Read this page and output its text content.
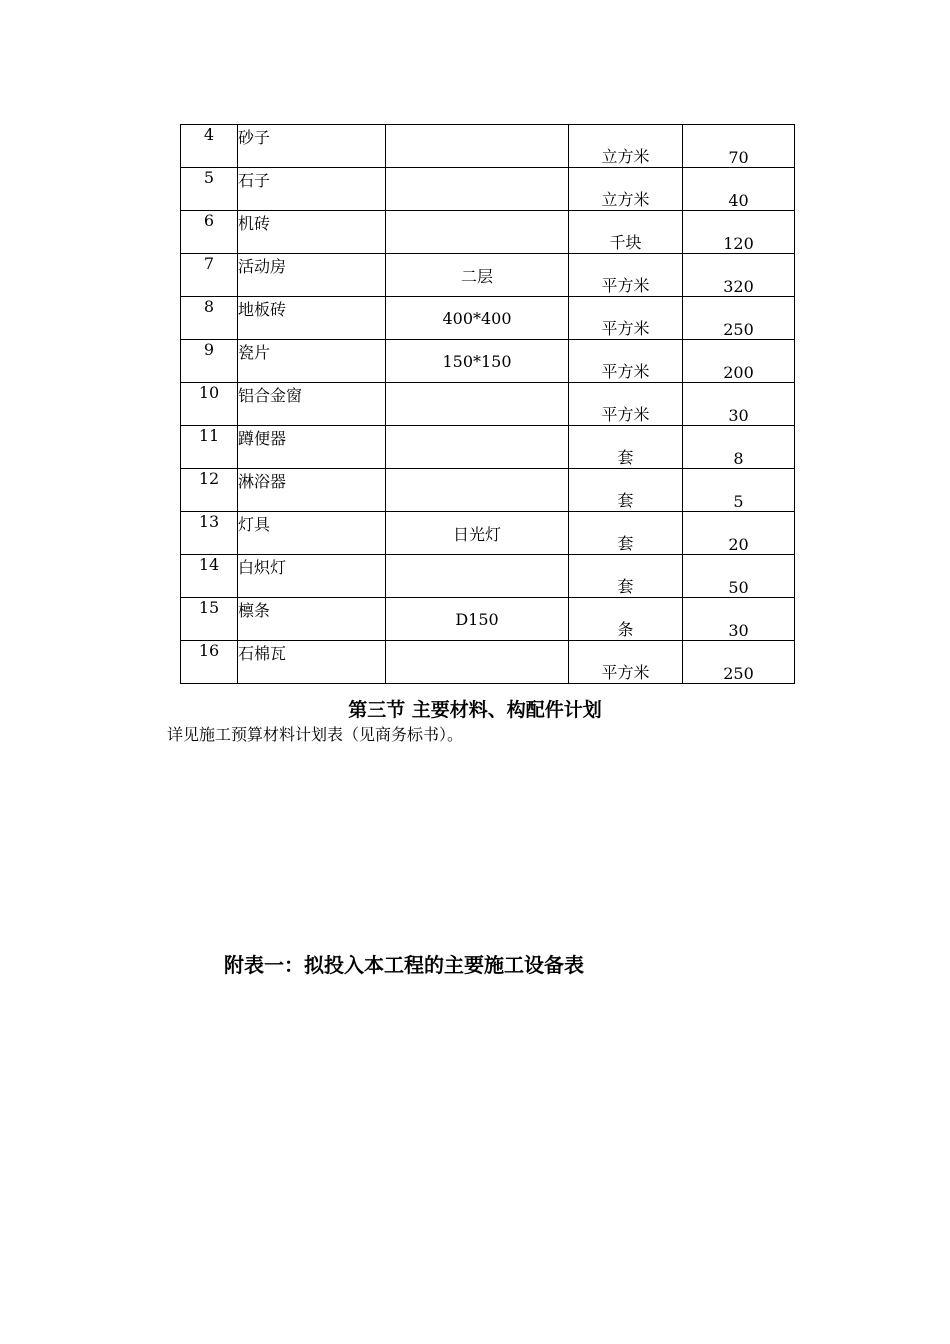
4	砂子		立方米	70
5	石子		立方米	40
6	机砖		千块	120
7	活动房	二层	平方米	320
8	地板砖	400*400	平方米	250
9	瓷片	150*150	平方米	200
10	铝合金窗		平方米	30
11	蹲便器		套	8
12	淋浴器		套	5
13	灯具	日光灯	套	20
14	白炽灯		套	50
15	檩条	D150	条	30
16	石棉瓦		平方米	250
第三节 主要材料、构配件计划
详见施工预算材料计划表（见商务标书）。
附表一：拟投入本工程的主要施工设备表
